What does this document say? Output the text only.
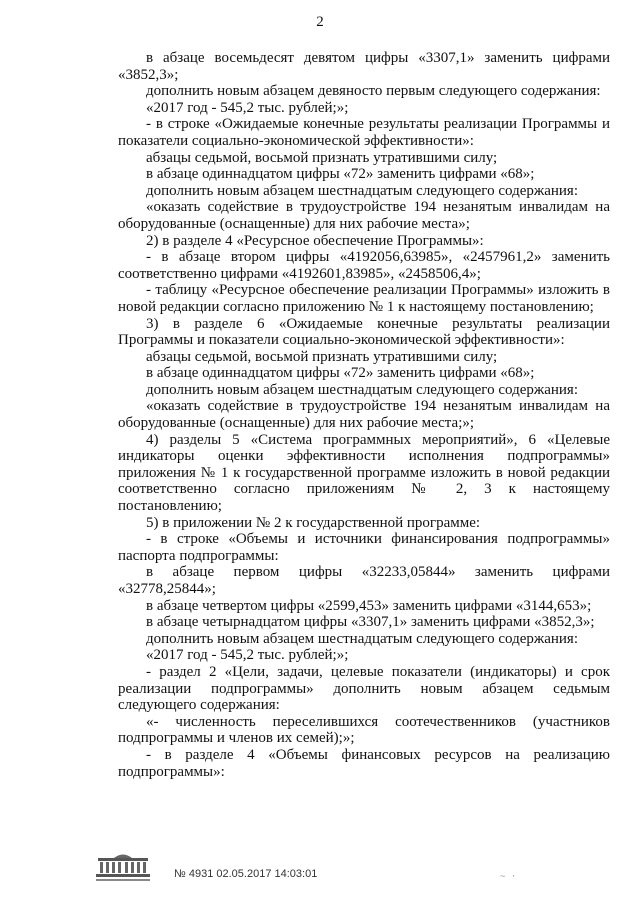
2

в абзаце восемьдесят девятом цифры «3307,1» заменить цифрами «3852,3»;

дополнить новым абзацем девяносто первым следующего содержания:

«2017 год - 545,2 тыс. рублей;»;

- в строке «Ожидаемые конечные результаты реализации Программы и показатели социально-экономической эффективности»:

абзацы седьмой, восьмой признать утратившими силу;

в абзаце одиннадцатом цифры «72» заменить цифрами «68»;

дополнить новым абзацем шестнадцатым следующего содержания:

«оказать содействие в трудоустройстве 194 незанятым инвалидам на оборудованные (оснащенные) для них рабочие места»;

2) в разделе 4 «Ресурсное обеспечение Программы»:

- в абзаце втором цифры «4192056,63985», «2457961,2» заменить соответственно цифрами «4192601,83985», «2458506,4»;

- таблицу «Ресурсное обеспечение реализации Программы» изложить в новой редакции согласно приложению № 1 к настоящему постановлению;

3) в разделе 6 «Ожидаемые конечные результаты реализации Программы и показатели социально-экономической эффективности»:

абзацы седьмой, восьмой признать утратившими силу;

в абзаце одиннадцатом цифры «72» заменить цифрами «68»;

дополнить новым абзацем шестнадцатым следующего содержания:

«оказать содействие в трудоустройстве 194 незанятым инвалидам на оборудованные (оснащенные) для них рабочие места;»;

4) разделы 5 «Система программных мероприятий», 6 «Целевые индикаторы оценки эффективности исполнения подпрограммы» приложения № 1 к государственной программе изложить в новой редакции соответственно согласно приложениям № 2, 3 к настоящему постановлению;

5) в приложении № 2 к государственной программе:

- в строке «Объемы и источники финансирования подпрограммы» паспорта подпрограммы:

в абзаце первом цифры «32233,05844» заменить цифрами «32778,25844»;

в абзаце четвертом цифры «2599,453» заменить цифрами «3144,653»;

в абзаце четырнадцатом цифры «3307,1» заменить цифрами «3852,3»;

дополнить новым абзацем шестнадцатым следующего содержания:

«2017 год - 545,2 тыс. рублей;»;

- раздел 2 «Цели, задачи, целевые показатели (индикаторы) и срок реализации подпрограммы» дополнить новым абзацем седьмым следующего содержания:

«- численность переселившихся соотечественников (участников подпрограммы и членов их семей);»;

- в разделе 4 «Объемы финансовых ресурсов на реализацию подпрограммы»:

№ 4931 02.05.2017 14:03:01	~ ·
